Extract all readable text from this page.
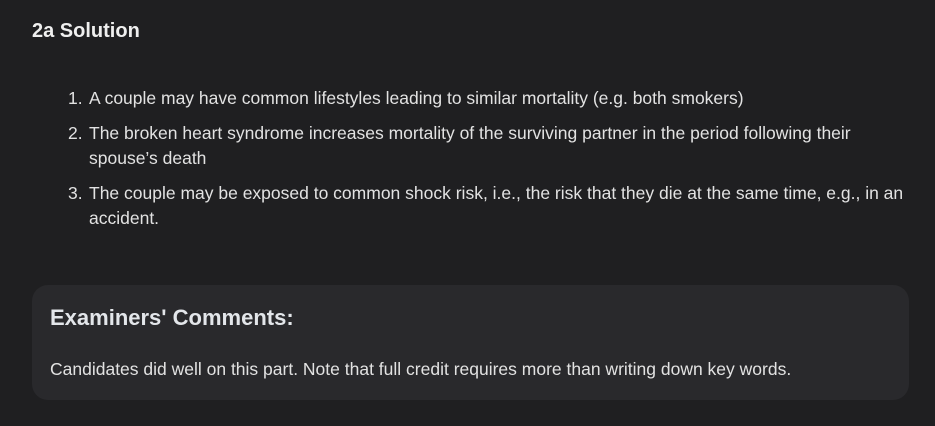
2a Solution
1. A couple may have common lifestyles leading to similar mortality (e.g. both smokers)
2. The broken heart syndrome increases mortality of the surviving partner in the period following their spouse’s death
3. The couple may be exposed to common shock risk, i.e., the risk that they die at the same time, e.g., in an accident.
Examiners' Comments:

Candidates did well on this part. Note that full credit requires more than writing down key words.
